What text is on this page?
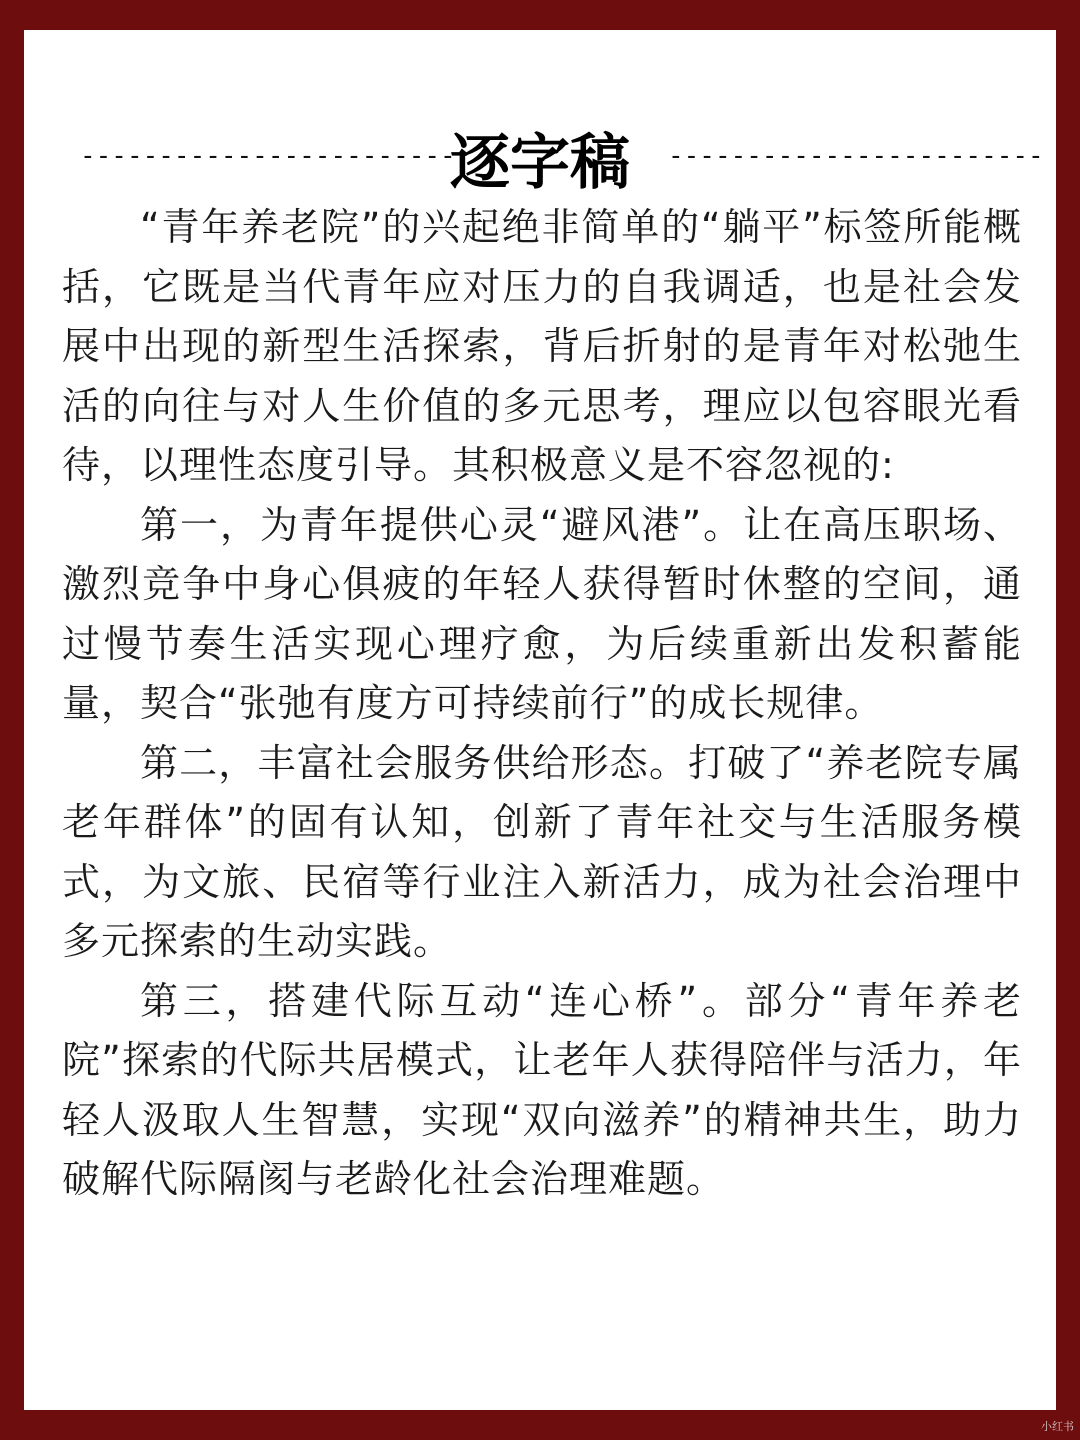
------------------------
逐字稿	------------------------

“青年养老院”的兴起绝非简单的“躺平”标签所能概括，它既是当代青年应对压力的自我调适，也是社会发展中出现的新型生活探索，背后折射的是青年对松弛生活的向往与对人生价值的多元思考，理应以包容眼光看待，以理性态度引导。其积极意义是不容忽视的:

第一，为青年提供心灵“避风港”。让在高压职场、激烈竞争中身心俱疲的年轻人获得暂时休整的空间，通过慢节奏生活实现心理疗愈，为后续重新出发积蓄能量，契合“张弛有度方可持续前行”的成长规律。

第二，丰富社会服务供给形态。打破了“养老院专属老年群体”的固有认知，创新了青年社交与生活服务模式，为文旅、民宿等行业注入新活力，成为社会治理中多元探索的生动实践。

第三，搭建代际互动“连心桥”。部分“青年养老院”探索的代际共居模式，让老年人获得陪伴与活力，年轻人汲取人生智慧，实现“双向滋养”的精神共生，助力破解代际隔阂与老龄化社会治理难题。

小红书
